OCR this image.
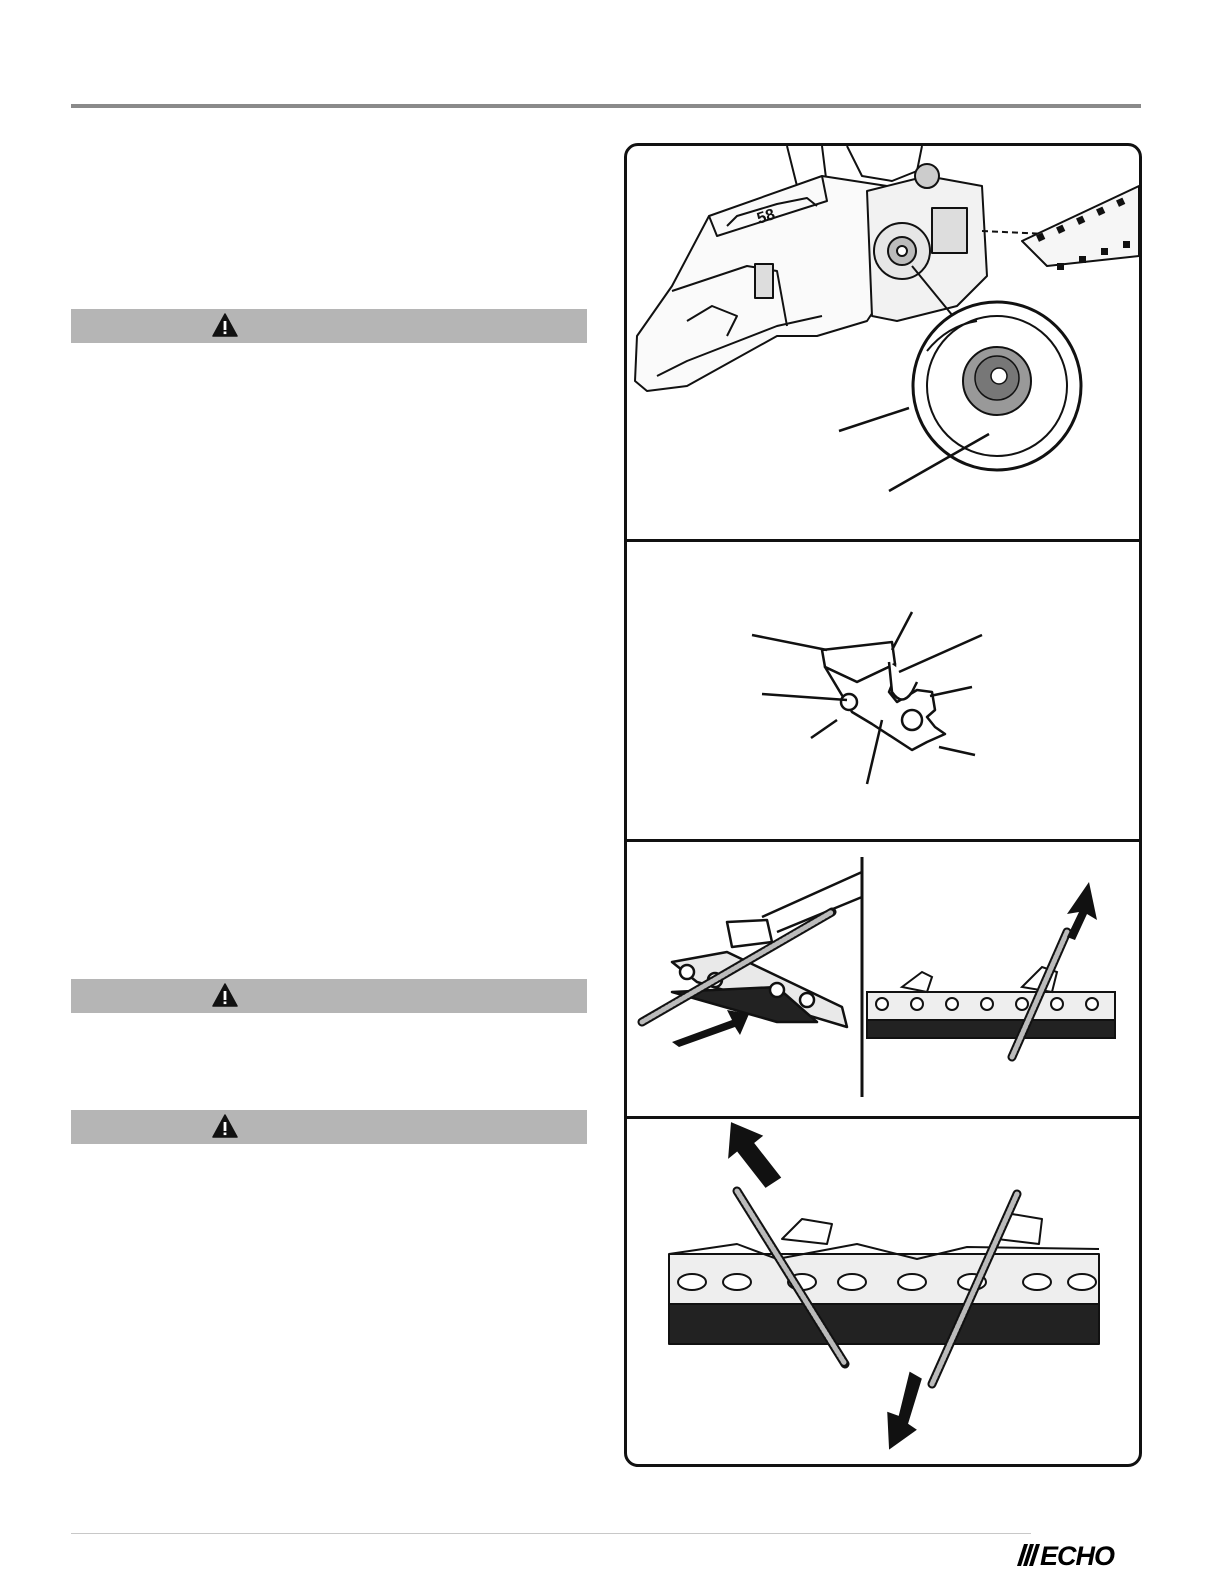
58
ECHO
